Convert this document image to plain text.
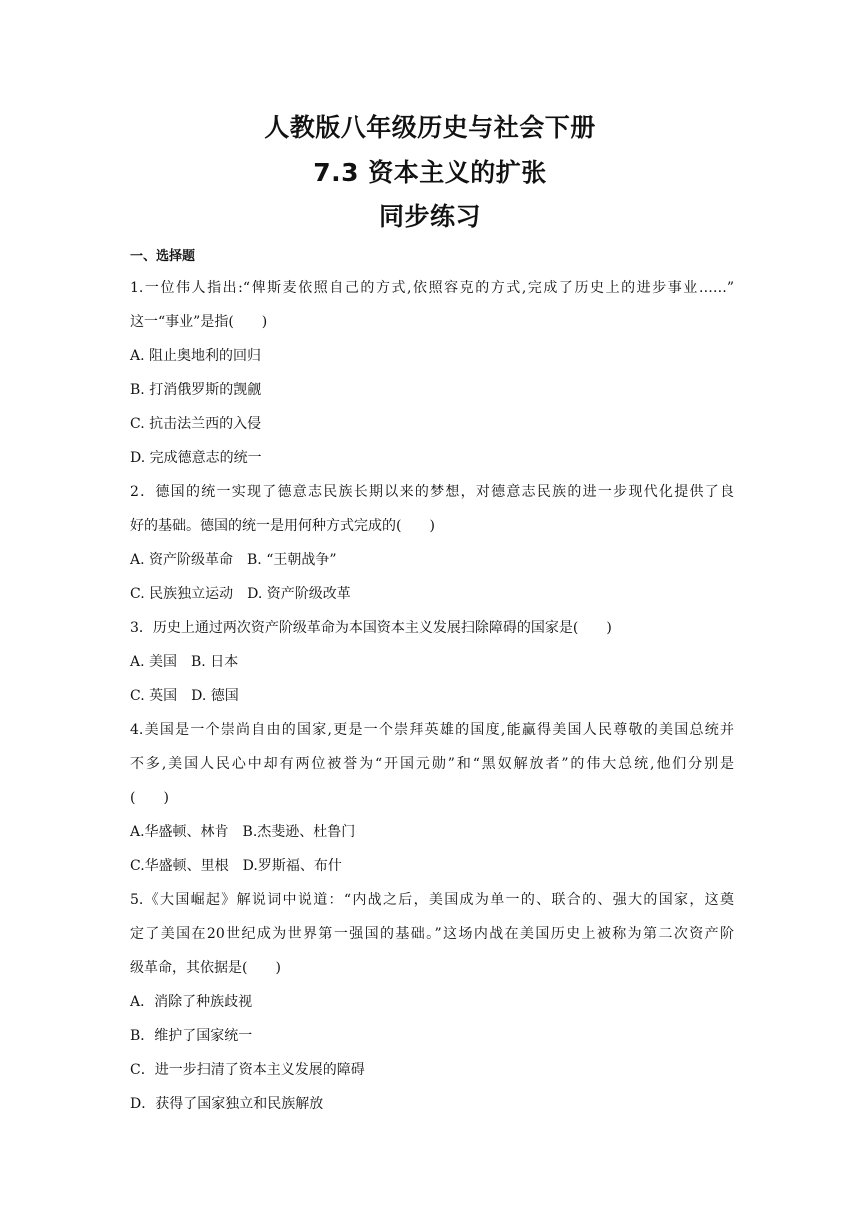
人教版八年级历史与社会下册
7.3 资本主义的扩张
同步练习
一、选择题
1.一位伟人指出:“俾斯麦依照自己的方式,依照容克的方式,完成了历史上的进步事业……”
这一“事业”是指(　　)
A. 阻止奥地利的回归
B. 打消俄罗斯的觊觎
C. 抗击法兰西的入侵
D. 完成德意志的统一
2．德国的统一实现了德意志民族长期以来的梦想，对德意志民族的进一步现代化提供了良
好的基础。德国的统一是用何种方式完成的(　　)
A. 资产阶级革命　B. “王朝战争”
C. 民族独立运动　D. 资产阶级改革
3．历史上通过两次资产阶级革命为本国资本主义发展扫除障碍的国家是(　　)
A. 美国　B. 日本
C. 英国　D. 德国
4.美国是一个崇尚自由的国家,更是一个崇拜英雄的国度,能赢得美国人民尊敬的美国总统并
不多,美国人民心中却有两位被誉为“开国元勋”和“黑奴解放者”的伟大总统,他们分别是
(　　)
A.华盛顿、林肯　B.杰斐逊、杜鲁门
C.华盛顿、里根　D.罗斯福、布什
5.《大国崛起》解说词中说道：“内战之后，美国成为单一的、联合的、强大的国家，这奠
定了美国在20世纪成为世界第一强国的基础。”这场内战在美国历史上被称为第二次资产阶
级革命，其依据是(　　)
A．消除了种族歧视
B．维护了国家统一
C．进一步扫清了资本主义发展的障碍
D．获得了国家独立和民族解放
